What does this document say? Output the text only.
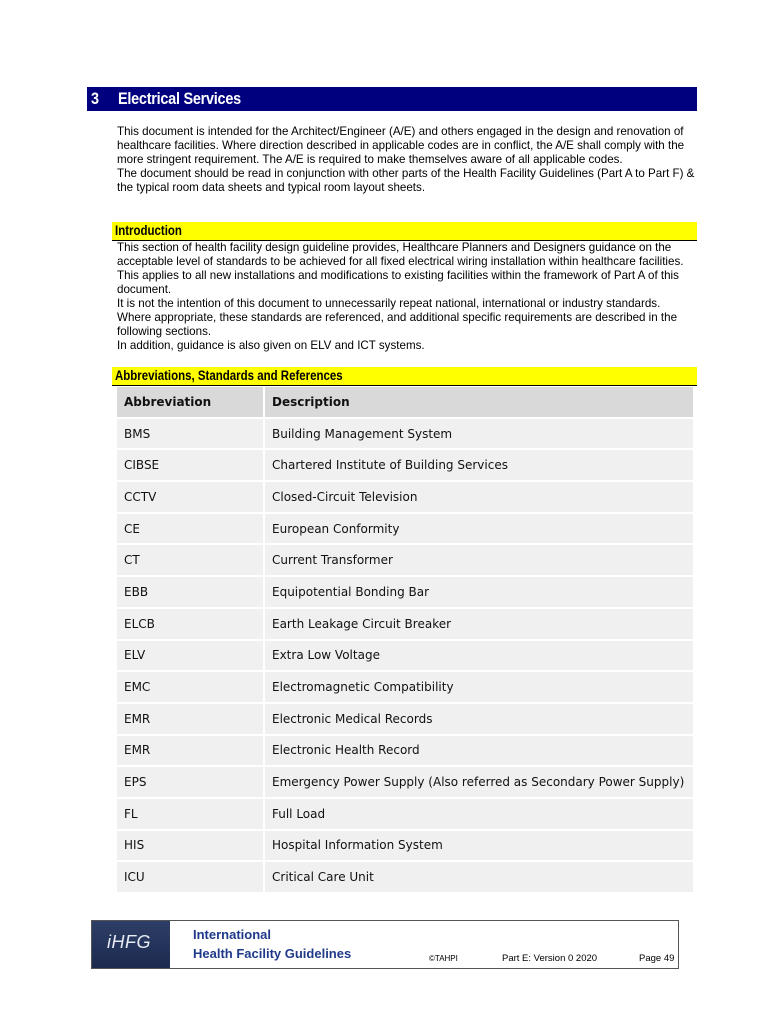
3 Electrical Services

This document is intended for the Architect/Engineer (A/E) and others engaged in the design and renovation of healthcare facilities. Where direction described in applicable codes are in conflict, the A/E shall comply with the more stringent requirement. The A/E is required to make themselves aware of all applicable codes.

The document should be read in conjunction with other parts of the Health Facility Guidelines (Part A to Part F) & the typical room data sheets and typical room layout sheets.

Introduction

This section of health facility design guideline provides, Healthcare Planners and Designers guidance on the acceptable level of standards to be achieved for all fixed electrical wiring installation within healthcare facilities. This applies to all new installations and modifications to existing facilities within the framework of Part A of this document.

It is not the intention of this document to unnecessarily repeat national, international or industry standards. Where appropriate, these standards are referenced, and additional specific requirements are described in the following sections.

In addition, guidance is also given on ELV and ICT systems.

Abbreviations, Standards and References
Abbreviation	Description
BMS	Building Management System
CIBSE	Chartered Institute of Building Services
CCTV	Closed-Circuit Television
CE	European Conformity
CT	Current Transformer
EBB	Equipotential Bonding Bar
ELCB	Earth Leakage Circuit Breaker
ELV	Extra Low Voltage
EMC	Electromagnetic Compatibility
EMR	Electronic Medical Records
EMR	Electronic Health Record
EPS	Emergency Power Supply (Also referred as Secondary Power Supply)
FL	Full Load
HIS	Hospital Information System
ICU	Critical Care Unit
iHFG	International
Health Facility Guidelines	©TAHPI	Part E: Version 0 2020	Page 49
